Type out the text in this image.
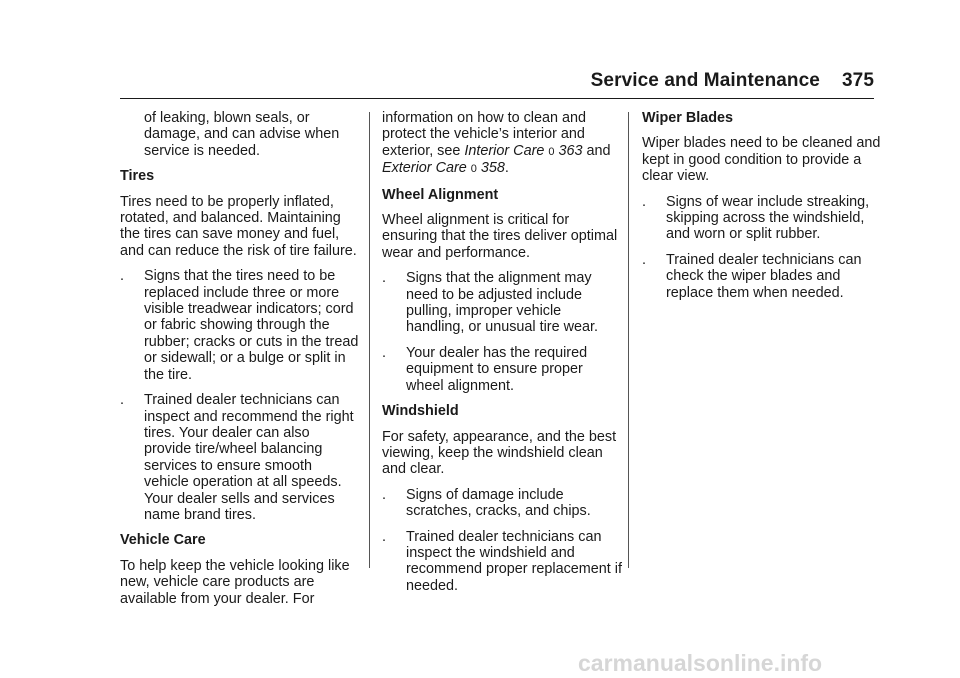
Service and Maintenance 375

of leaking, blown seals, or damage, and can advise when service is needed.

Tires

Tires need to be properly inflated, rotated, and balanced. Maintaining the tires can save money and fuel, and can reduce the risk of tire failure.

. Signs that the tires need to be replaced include three or more visible treadwear indicators; cord or fabric showing through the rubber; cracks or cuts in the tread or sidewall; or a bulge or split in the tire.
. Trained dealer technicians can inspect and recommend the right tires. Your dealer can also provide tire/wheel balancing services to ensure smooth vehicle operation at all speeds. Your dealer sells and services name brand tires.
Vehicle Care

To help keep the vehicle looking like new, vehicle care products are available from your dealer. For

information on how to clean and protect the vehicle’s interior and exterior, see Interior Care 0 363 and Exterior Care 0 358.

Wheel Alignment

Wheel alignment is critical for ensuring that the tires deliver optimal wear and performance.

. Signs that the alignment may need to be adjusted include pulling, improper vehicle handling, or unusual tire wear.
. Your dealer has the required equipment to ensure proper wheel alignment.
Windshield

For safety, appearance, and the best viewing, keep the windshield clean and clear.

. Signs of damage include scratches, cracks, and chips.
. Trained dealer technicians can inspect the windshield and recommend proper replacement if needed.
Wiper Blades

Wiper blades need to be cleaned and kept in good condition to provide a clear view.

. Signs of wear include streaking, skipping across the windshield, and worn or split rubber.
. Trained dealer technicians can check the wiper blades and replace them when needed.
carmanualsonline.info
